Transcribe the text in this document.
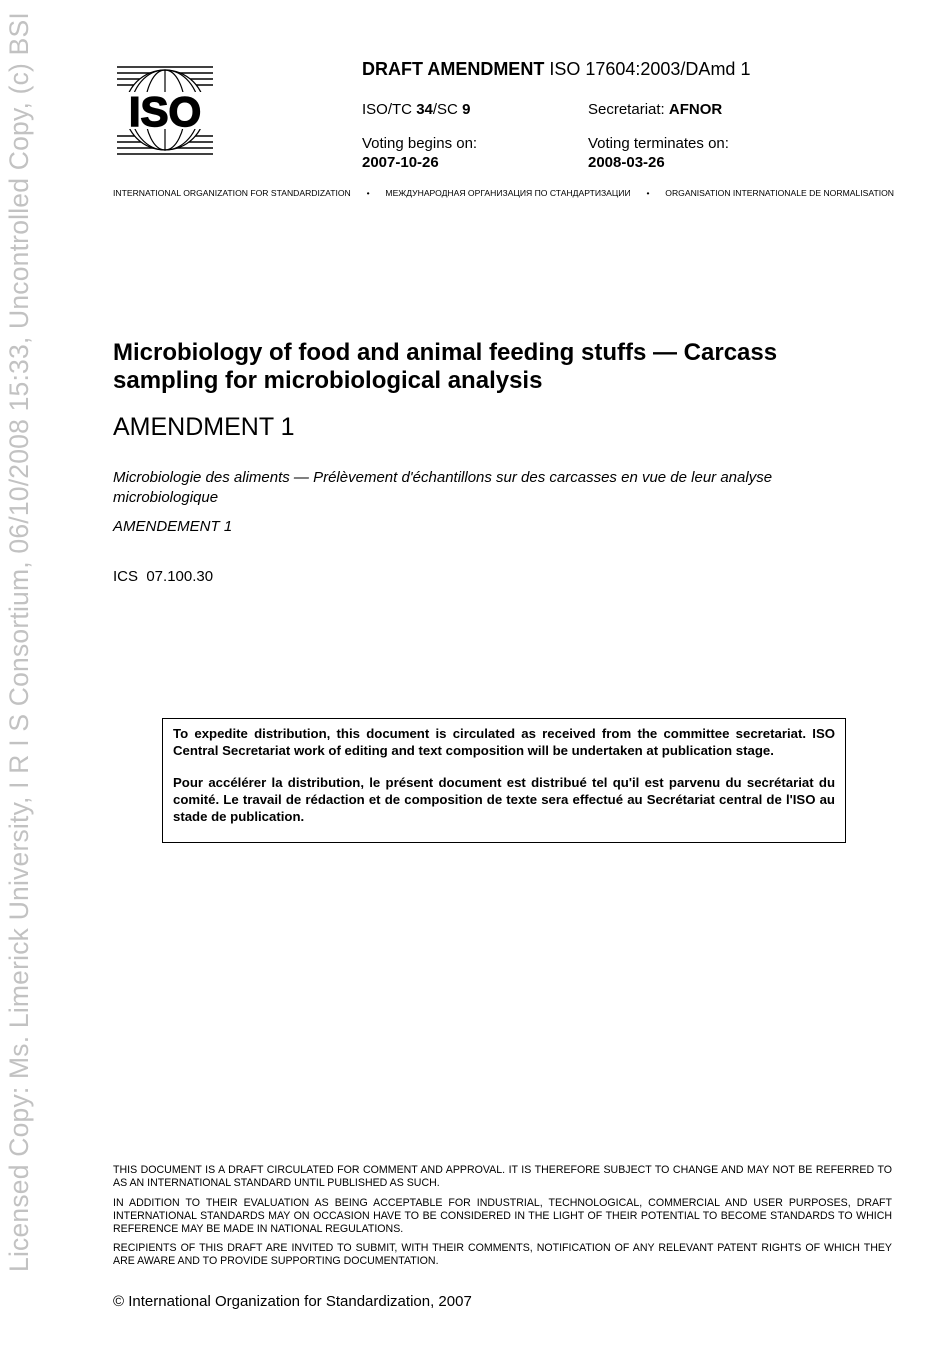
Licensed Copy: Ms. Limerick University, I R I S Consortium, 06/10/2008 15:33, Uncontrolled Copy, (c) BSI ISO
DRAFT AMENDMENT ISO 17604:2003/DAmd 1
ISO/TC 34/SC 9	Secretariat: AFNOR
Voting begins on:
2007-10-26
Voting terminates on:
2008-03-26
INTERNATIONAL ORGANIZATION FOR STANDARDIZATION • МЕЖДУНАРОДНАЯ ОРГАНИЗАЦИЯ ПО СТАНДАРТИЗАЦИИ • ORGANISATION INTERNATIONALE DE NORMALISATION
Microbiology of food and animal feeding stuffs — Carcass sampling for microbiological analysis
AMENDMENT 1
Microbiologie des aliments — Prélèvement d'échantillons sur des carcasses en vue de leur analyse microbiologique
AMENDEMENT 1
ICS  07.100.30

To expedite distribution, this document is circulated as received from the committee secretariat. ISO Central Secretariat work of editing and text composition will be undertaken at publication stage.

Pour accélérer la distribution, le présent document est distribué tel qu'il est parvenu du secrétariat du comité. Le travail de rédaction et de composition de texte sera effectué au Secrétariat central de l'ISO au stade de publication.

THIS DOCUMENT IS A DRAFT CIRCULATED FOR COMMENT AND APPROVAL. IT IS THEREFORE SUBJECT TO CHANGE AND MAY NOT BE REFERRED TO AS AN INTERNATIONAL STANDARD UNTIL PUBLISHED AS SUCH.
IN ADDITION TO THEIR EVALUATION AS BEING ACCEPTABLE FOR INDUSTRIAL, TECHNOLOGICAL, COMMERCIAL AND USER PURPOSES, DRAFT INTERNATIONAL STANDARDS MAY ON OCCASION HAVE TO BE CONSIDERED IN THE LIGHT OF THEIR POTENTIAL TO BECOME STANDARDS TO WHICH REFERENCE MAY BE MADE IN NATIONAL REGULATIONS.
RECIPIENTS OF THIS DRAFT ARE INVITED TO SUBMIT, WITH THEIR COMMENTS, NOTIFICATION OF ANY RELEVANT PATENT RIGHTS OF WHICH THEY ARE AWARE AND TO PROVIDE SUPPORTING DOCUMENTATION.
© International Organization for Standardization, 2007
